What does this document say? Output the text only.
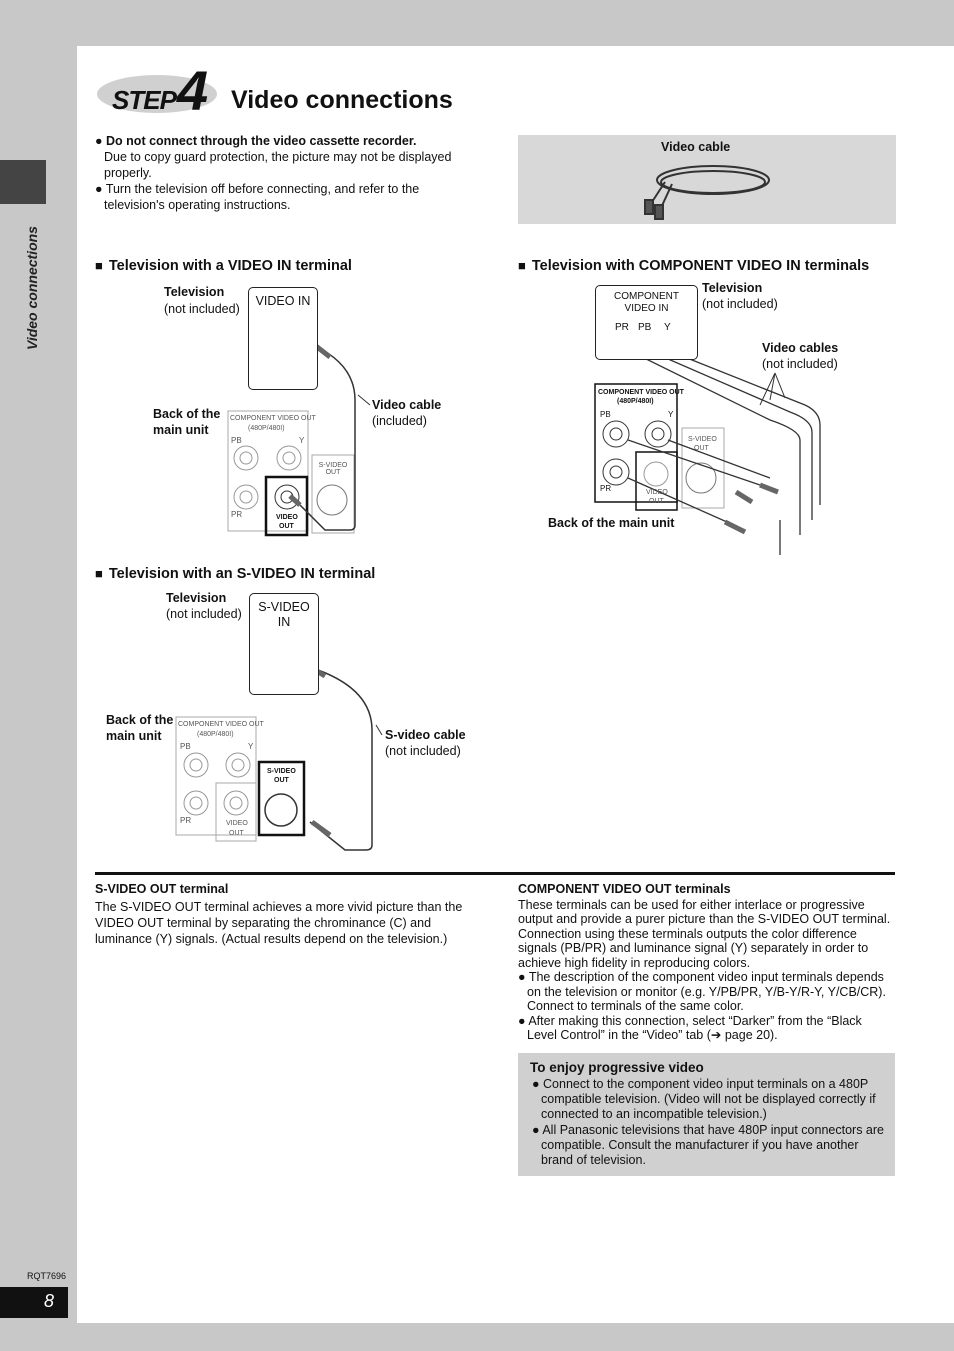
Video connections
STEP 4 Video connections
● Do not connect through the video cassette recorder.
Due to copy guard protection, the picture may not be displayed properly.
● Turn the television off before connecting, and refer to the television's operating instructions.
Video cable
■ Television with a VIDEO IN terminal
Television
(not included)
VIDEO IN
Back of the
main unit
Video cable
(included)
COMPONENT VIDEO OUT
(480P/480I)
PB	Y
PR
S-VIDEO OUT
VIDEO
OUT
■ Television with COMPONENT VIDEO IN terminals
COMPONENT
VIDEO IN
PR PB Y
Television
(not included)
Video cables
(not included)
Back of the main unit
COMPONENT VIDEO OUT
(480P/480I)
PB	Y
PR
S-VIDEO
OUT
VIDEO
OUT
■ Television with an S-VIDEO IN terminal
Television
(not included)	S-VIDEO
IN
Back of the
main unit	S-video cable
(not included)
COMPONENT VIDEO OUT
(480P/480I)
PB	Y
PR
S-VIDEO
OUT
VIDEO
OUT
S-VIDEO OUT terminal
The S-VIDEO OUT terminal achieves a more vivid picture than the VIDEO OUT terminal by separating the chrominance (C) and luminance (Y) signals. (Actual results depend on the television.)
COMPONENT VIDEO OUT terminals
These terminals can be used for either interlace or progressive output and provide a purer picture than the S-VIDEO OUT terminal. Connection using these terminals outputs the color difference signals (PB/PR) and luminance signal (Y) separately in order to achieve high fidelity in reproducing colors.
● The description of the component video input terminals depends on the television or monitor (e.g. Y/PB/PR, Y/B-Y/R-Y, Y/CB/CR). Connect to terminals of the same color.
● After making this connection, select “Darker” from the “Black Level Control” in the “Video” tab (➔ page 20).
To enjoy progressive video
● Connect to the component video input terminals on a 480P compatible television. (Video will not be displayed correctly if connected to an incompatible television.)
● All Panasonic televisions that have 480P input connectors are compatible. Consult the manufacturer if you have another brand of television.
RQT7696
8
